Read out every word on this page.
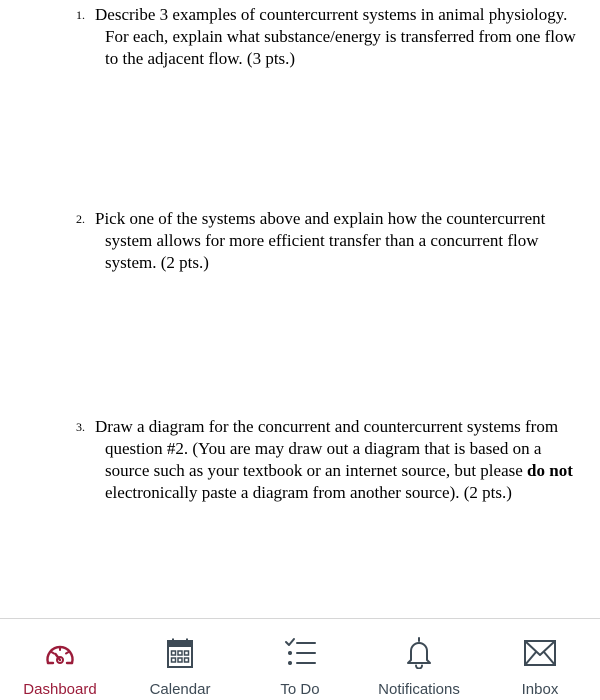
1. Describe 3 examples of countercurrent systems in animal physiology. For each, explain what substance/energy is transferred from one flow to the adjacent flow. (3 pts.)
2. Pick one of the systems above and explain how the countercurrent system allows for more efficient transfer than a concurrent flow system. (2 pts.)
3. Draw a diagram for the concurrent and countercurrent systems from question #2. (You are may draw out a diagram that is based on a source such as your textbook or an internet source, but please do not electronically paste a diagram from another source). (2 pts.)
Dashboard	Calendar	To Do	Notifications	Inbox
